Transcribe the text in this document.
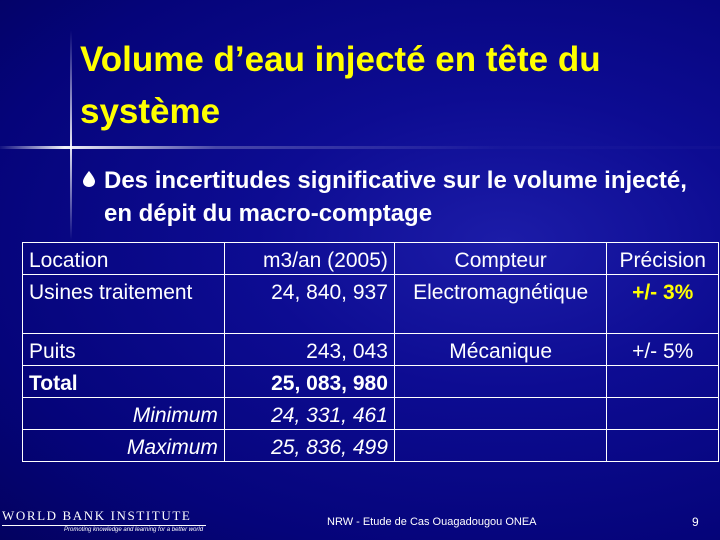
Volume d’eau injecté en tête du système
Des incertitudes significative sur le volume injecté, en dépit du macro-comptage
Location	m3/an (2005)	Compteur	Précision
Usines traitement	24, 840, 937	Electromagnétique	+/- 3%
Puits	243, 043	Mécanique	+/- 5%
Total	25, 083, 980		
Minimum	24, 331, 461		
Maximum	25, 836, 499		
WORLD BANK INSTITUTE
Promoting knowledge and learning for a better world
NRW - Etude de Cas Ouagadougou ONEA	9
